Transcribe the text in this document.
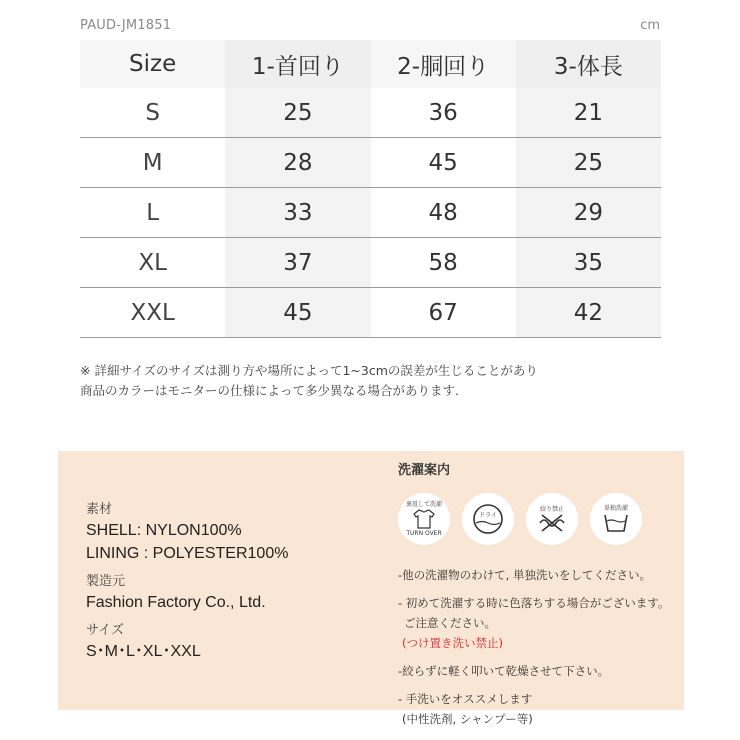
PAUD-JM1851	cm
Size	1-首回り	2-胴回り	3-体長
S	25	36	21
M	28	45	25
L	33	48	29
XL	37	58	35
XXL	45	67	42
※ 詳細サイズのサイズは測り方や場所によって1~3cmの誤差が生じることがあり
商品のカラーはモニターの仕様によって多少異なる場合があります.
素材
SHELL: NYLON100%
LINING : POLYESTER100%
製造元
Fashion Factory Co., Ltd.
サイズ
S･M･L･XL･XXL
洗濯案内
裏返して洗濯
TURN OVER
ドライ
絞り禁止	単独洗濯
-他の洗濯物のわけて, 単独洗いをしてください。
- 初めて洗濯する時に色落ちする場合がございます。
ご注意ください。
(つけ置き洗い禁止)
-絞らずに軽く叩いて乾燥させて下さい。
- 手洗いをオススメします
(中性洗剤, シャンプー等)
